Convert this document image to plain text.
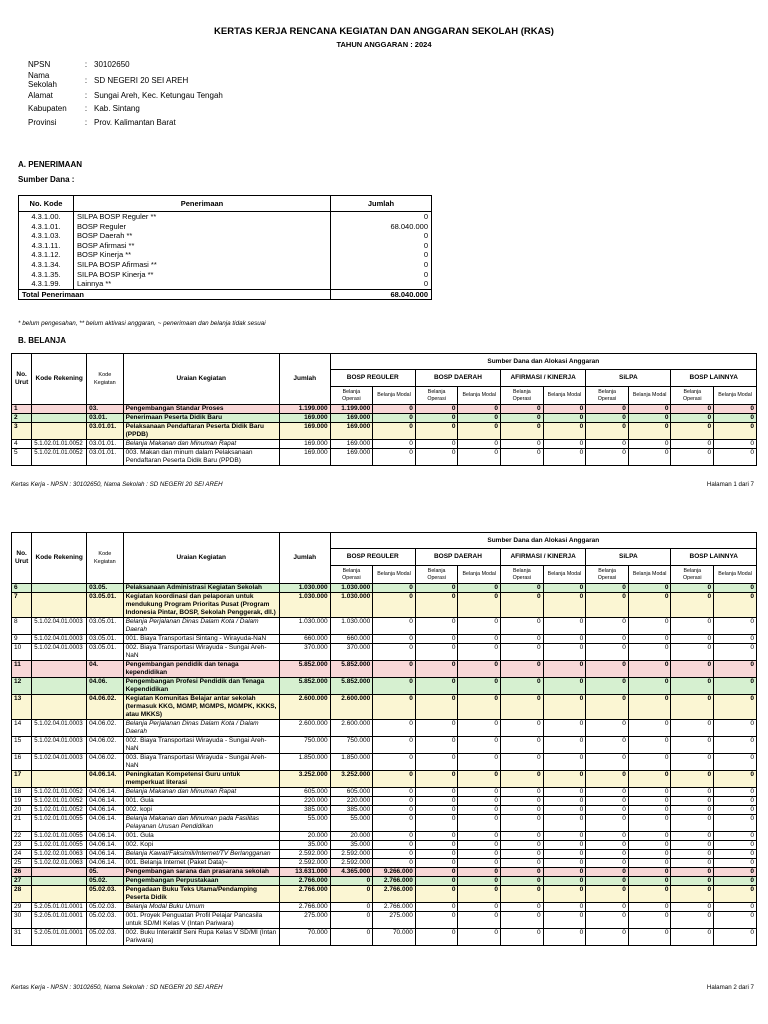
KERTAS KERJA RENCANA KEGIATAN DAN ANGGARAN SEKOLAH (RKAS)
TAHUN ANGGARAN : 2024
NPSN	:	30102650
Nama Sekolah	:	SD NEGERI 20 SEI AREH
Alamat	:	Sungai Areh, Kec. Ketungau Tengah
Kabupaten	:	Kab. Sintang
Provinsi	:	Prov. Kalimantan Barat
A. PENERIMAAN
Sumber Dana :
No. Kode	Penerimaan	Jumlah
4.3.1.00.	SILPA BOSP Reguler **	0
4.3.1.01.	BOSP Reguler	68.040.000
4.3.1.03.	BOSP Daerah **	0
4.3.1.11.	BOSP Afirmasi **	0
4.3.1.12.	BOSP Kinerja **	0
4.3.1.34.	SILPA BOSP Afirmasi **	0
4.3.1.35.	SILPA BOSP Kinerja **	0
4.3.1.99.	Lainnya **	0
Total Penerimaan		68.040.000
* belum pengesahan, ** belum aktivasi anggaran, ~ penerimaan dan belanja tidak sesuai
B. BELANJA
No. Urut	Kode Rekening	Kode Kegiatan	Uraian Kegiatan	Jumlah	Sumber Dana dan Alokasi Anggaran									
					BOSP REGULER		BOSP DAERAH		AFIRMASI / KINERJA		SiLPA		BOSP LAINNYA	
					Belanja Operasi	Belanja Modal	Belanja Operasi	Belanja Modal	Belanja Operasi	Belanja Modal	Belanja Operasi	Belanja Modal	Belanja Operasi	Belanja Modal
1		03.	Pengembangan Standar Proses	1.199.000	1.199.000	0	0	0	0	0	0	0	0	0
2		03.01.	Penerimaan Peserta Didik Baru	169.000	169.000	0	0	0	0	0	0	0	0	0
3		03.01.01.	Pelaksanaan Pendaftaran Peserta Didik Baru (PPDB)	169.000	169.000	0	0	0	0	0	0	0	0	0
4	5.1.02.01.01.0052	03.01.01.	Belanja Makanan dan Minuman Rapat	169.000	169.000	0	0	0	0	0	0	0	0	0
5	5.1.02.01.01.0052	03.01.01.	003. Makan dan minum dalam Pelaksanaan Pendaftaran Peserta Didik Baru (PPDB)	169.000	169.000	0	0	0	0	0	0	0	0	0
Kertas Kerja - NPSN : 30102650, Nama Sekolah : SD NEGERI 20 SEI AREH	Halaman 1 dari 7
No. Urut	Kode Rekening	Kode Kegiatan	Uraian Kegiatan	Jumlah	Sumber Dana dan Alokasi Anggaran									
					BOSP REGULER		BOSP DAERAH		AFIRMASI / KINERJA		SiLPA		BOSP LAINNYA	
					Belanja Operasi	Belanja Modal	Belanja Operasi	Belanja Modal	Belanja Operasi	Belanja Modal	Belanja Operasi	Belanja Modal	Belanja Operasi	Belanja Modal
6		03.05.	Pelaksanaan Administrasi Kegiatan Sekolah	1.030.000	1.030.000	0	0	0	0	0	0	0	0	0
7		03.05.01.	Kegiatan koordinasi dan pelaporan untuk mendukung Program Prioritas Pusat (Program Indonesia Pintar, BOSP, Sekolah Penggerak, dll.)	1.030.000	1.030.000	0	0	0	0	0	0	0	0	0
8	5.1.02.04.01.0003	03.05.01.	Belanja Perjalanan Dinas Dalam Kota / Dalam Daerah	1.030.000	1.030.000	0	0	0	0	0	0	0	0	0
9	5.1.02.04.01.0003	03.05.01.	001. Biaya Transportasi Sintang - Wirayuda-NaN	660.000	660.000	0	0	0	0	0	0	0	0	0
10	5.1.02.04.01.0003	03.05.01.	002. Biaya Transportasi Wirayuda - Sungai Areh-NaN	370.000	370.000	0	0	0	0	0	0	0	0	0
11		04.	Pengembangan pendidik dan tenaga kependidikan	5.852.000	5.852.000	0	0	0	0	0	0	0	0	0
12		04.06.	Pengembangan Profesi Pendidik dan Tenaga Kependidikan	5.852.000	5.852.000	0	0	0	0	0	0	0	0	0
13		04.06.02.	Kegiatan Komunitas Belajar antar sekolah (termasuk KKG, MGMP, MGMPS, MGMPK, KKKS, atau MKKS)	2.600.000	2.600.000	0	0	0	0	0	0	0	0	0
14	5.1.02.04.01.0003	04.06.02.	Belanja Perjalanan Dinas Dalam Kota / Dalam Daerah	2.600.000	2.600.000	0	0	0	0	0	0	0	0	0
15	5.1.02.04.01.0003	04.06.02.	002. Biaya Transportasi Wirayuda - Sungai Areh-NaN	750.000	750.000	0	0	0	0	0	0	0	0	0
16	5.1.02.04.01.0003	04.06.02.	003. Biaya Transportasi Wirayuda - Sungai Areh-NaN	1.850.000	1.850.000	0	0	0	0	0	0	0	0	0
17		04.06.14.	Peningkatan Kompetensi Guru untuk memperkuat literasi	3.252.000	3.252.000	0	0	0	0	0	0	0	0	0
18	5.1.02.01.01.0052	04.06.14.	Belanja Makanan dan Minuman Rapat	605.000	605.000	0	0	0	0	0	0	0	0	0
19	5.1.02.01.01.0052	04.06.14.	001. Gula	220.000	220.000	0	0	0	0	0	0	0	0	0
20	5.1.02.01.01.0052	04.06.14.	002. kopi	385.000	385.000	0	0	0	0	0	0	0	0	0
21	5.1.02.01.01.0055	04.06.14.	Belanja Makanan dan Minuman pada Fasilitas Pelayanan Urusan Pendidikan	55.000	55.000	0	0	0	0	0	0	0	0	0
22	5.1.02.01.01.0055	04.06.14.	001. Gula	20.000	20.000	0	0	0	0	0	0	0	0	0
23	5.1.02.01.01.0055	04.06.14.	002. Kopi	35.000	35.000	0	0	0	0	0	0	0	0	0
24	5.1.02.02.01.0063	04.06.14.	Belanja Kawat/Faksimili/Internet/TV Berlangganan	2.592.000	2.592.000	0	0	0	0	0	0	0	0	0
25	5.1.02.02.01.0063	04.06.14.	001. Belanja Internet (Paket Data)~	2.592.000	2.592.000	0	0	0	0	0	0	0	0	0
26		05.	Pengembangan sarana dan prasarana sekolah	13.631.000	4.365.000	9.266.000	0	0	0	0	0	0	0	0
27		05.02.	Pengembangan Perpustakaan	2.766.000	0	2.766.000	0	0	0	0	0	0	0	0
28		05.02.03.	Pengadaan Buku Teks Utama/Pendamping Peserta Didik	2.766.000	0	2.766.000	0	0	0	0	0	0	0	0
29	5.2.05.01.01.0001	05.02.03.	Belanja Modal Buku Umum	2.766.000	0	2.766.000	0	0	0	0	0	0	0	0
30	5.2.05.01.01.0001	05.02.03.	001. Proyek Penguatan Profil Pelajar Pancasila untuk SD/MI Kelas V (Intan Pariwara)	275.000	0	275.000	0	0	0	0	0	0	0	0
31	5.2.05.01.01.0001	05.02.03.	002. Buku Interaktif Seni Rupa Kelas V SD/MI (Intan Pariwara)	70.000	0	70.000	0	0	0	0	0	0	0	0
Kertas Kerja - NPSN : 30102650, Nama Sekolah : SD NEGERI 20 SEI AREH	Halaman 2 dari 7
